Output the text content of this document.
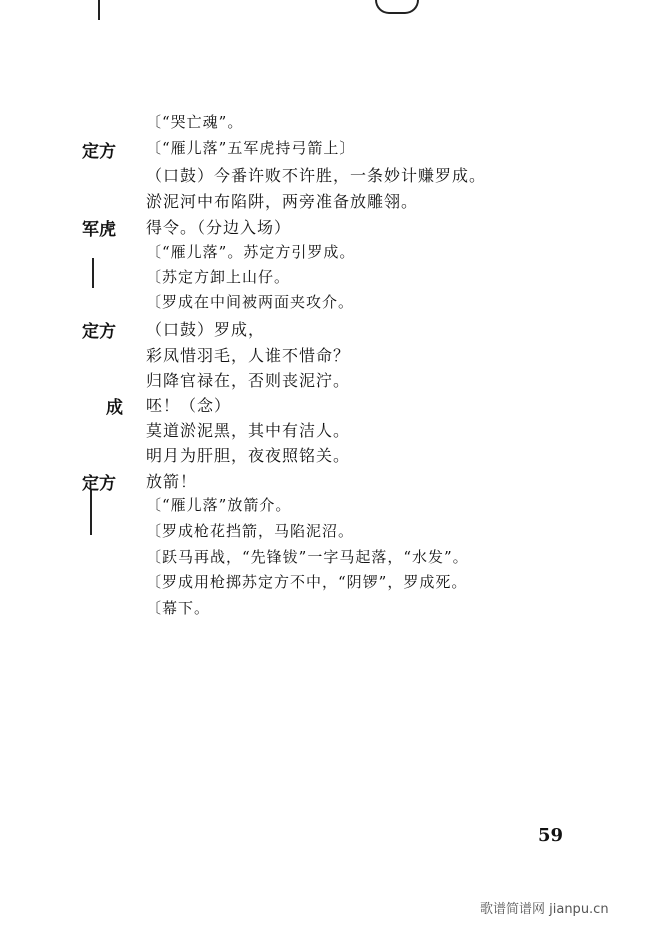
定方
军虎
定方
成
定方
〔“哭亡魂”。
〔“雁儿落”五军虎持弓箭上〕
（口鼓）今番许败不许胜，一条妙计赚罗成。
淤泥河中布陷阱，两旁准备放雕翎。
得令。（分边入场）
〔“雁儿落”。苏定方引罗成。
〔苏定方卸上山仔。
〔罗成在中间被两面夹攻介。
（口鼓）罗成，
彩凤惜羽毛，人谁不惜命？
归降官禄在，否则丧泥泞。
呸！（念）
莫道淤泥黑，其中有洁人。
明月为肝胆，夜夜照铭关。
放箭！
〔“雁儿落”放箭介。
〔罗成枪花挡箭，马陷泥沼。
〔跃马再战，“先锋钹”一字马起落，“水发”。
〔罗成用枪掷苏定方不中，“阴锣”，罗成死。
〔幕下。
59
歌谱简谱网 jianpu.cn
